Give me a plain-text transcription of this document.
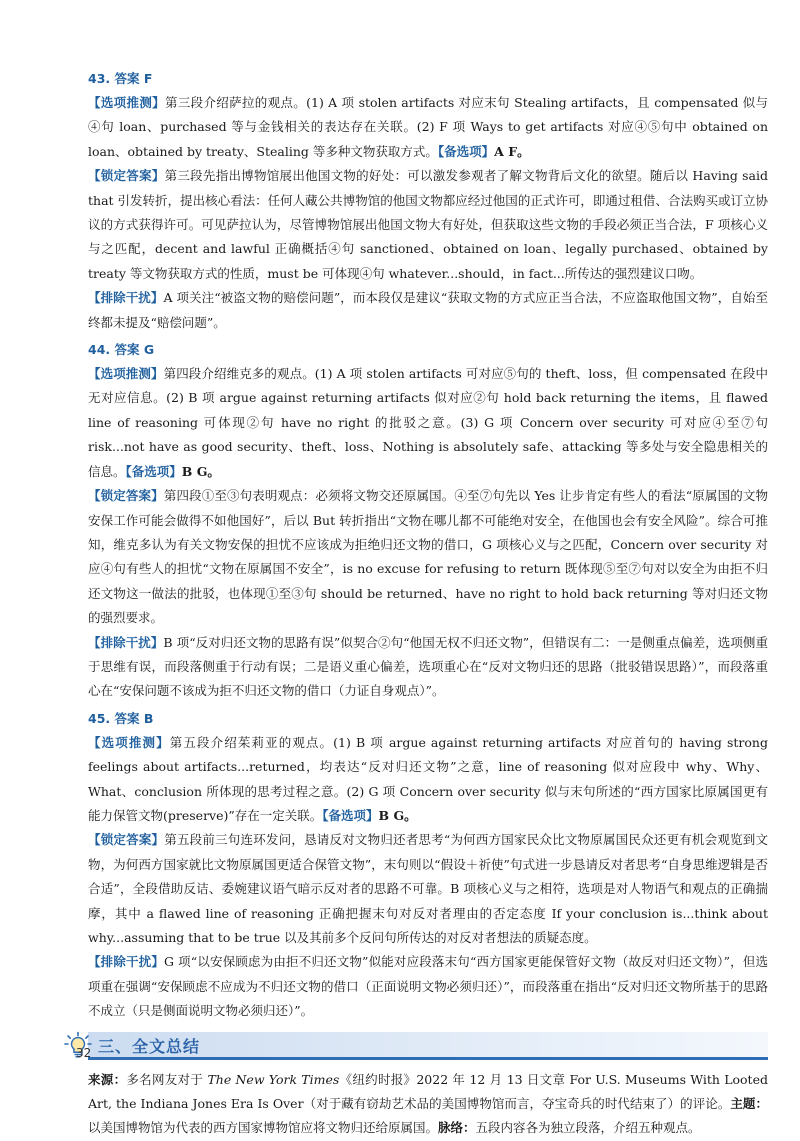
43. 答案 F
【选项推测】第三段介绍萨拉的观点。(1) A 项 stolen artifacts 对应末句 Stealing artifacts，且 compensated 似与④句 loan、purchased 等与金钱相关的表达存在关联。(2) F 项 Ways to get artifacts 对应④⑤句中 obtained on loan、obtained by treaty、Stealing 等多种文物获取方式。【备选项】A F。
【锁定答案】第三段先指出博物馆展出他国文物的好处：可以激发参观者了解文物背后文化的欲望。随后以 Having said that 引发转折，提出核心看法：任何人藏公共博物馆的他国文物都应经过他国的正式许可，即通过租借、合法购买或订立协议的方式获得许可。可见萨拉认为，尽管博物馆展出他国文物大有好处，但获取这些文物的手段必须正当合法，F 项核心义与之匹配，decent and lawful 正确概括④句 sanctioned、obtained on loan、legally purchased、obtained by treaty 等文物获取方式的性质，must be 可体现④句 whatever...should，in fact...所传达的强烈建议口吻。
【排除干扰】A 项关注“被盗文物的赔偿问题”，而本段仅是建议“获取文物的方式应正当合法，不应盗取他国文物”，自始至终都未提及“赔偿问题”。
44. 答案 G
【选项推测】第四段介绍维克多的观点。(1) A 项 stolen artifacts 可对应⑤句的 theft、loss，但 compensated 在段中无对应信息。(2) B 项 argue against returning artifacts 似对应②句 hold back returning the items，且 flawed line of reasoning 可体现②句 have no right 的批驳之意。(3) G 项 Concern over security 可对应④至⑦句 risk...not have as good security、theft、loss、Nothing is absolutely safe、attacking 等多处与安全隐患相关的信息。【备选项】B G。
【锁定答案】第四段①至③句表明观点：必须将文物交还原属国。④至⑦句先以 Yes 让步肯定有些人的看法“原属国的文物安保工作可能会做得不如他国好”，后以 But 转折指出“文物在哪儿都不可能绝对安全，在他国也会有安全风险”。综合可推知，维克多认为有关文物安保的担忧不应该成为拒绝归还文物的借口，G 项核心义与之匹配，Concern over security 对应④句有些人的担忧“文物在原属国不安全”，is no excuse for refusing to return 既体现⑤至⑦句对以安全为由拒不归还文物这一做法的批驳，也体现①至③句 should be returned、have no right to hold back returning 等对归还文物的强烈要求。
【排除干扰】B 项“反对归还文物的思路有误”似契合②句“他国无权不归还文物”，但错误有二：一是侧重点偏差，选项侧重于思维有误，而段落侧重于行动有误；二是语义重心偏差，选项重心在“反对文物归还的思路（批驳错误思路）”，而段落重心在“安保问题不该成为拒不归还文物的借口（力证自身观点）”。
45. 答案 B
【选项推测】第五段介绍茱莉亚的观点。(1) B 项 argue against returning artifacts 对应首句的 having strong feelings about artifacts...returned，均表达“反对归还文物”之意，line of reasoning 似对应段中 why、Why、What、conclusion 所体现的思考过程之意。(2) G 项 Concern over security 似与末句所述的“西方国家比原属国更有能力保管文物(preserve)”存在一定关联。【备选项】B G。
【锁定答案】第五段前三句连环发问，恳请反对文物归还者思考“为何西方国家民众比文物原属国民众还更有机会观览到文物，为何西方国家就比文物原属国更适合保管文物”，末句则以“假设＋祈使”句式进一步恳请反对者思考“自身思维逻辑是否合适”，全段借助反诘、委婉建议语气暗示反对者的思路不可靠。B 项核心义与之相符，选项是对人物语气和观点的正确揣摩，其中 a flawed line of reasoning 正确把握末句对反对者理由的否定态度 If your conclusion is...think about why...assuming that to be true 以及其前多个反问句所传达的对反对者想法的质疑态度。
【排除干扰】G 项“以安保顾虑为由拒不归还文物”似能对应段落末句“西方国家更能保管好文物（故反对归还文物）”，但选项重在强调“安保顾虑不应成为不归还文物的借口（正面说明文物必须归还）”，而段落重在指出“反对归还文物所基于的思路不成立（只是侧面说明文物必须归还）”。
三、全文总结
来源：多名网友对于 The New York Times《纽约时报》2022 年 12 月 13 日文章 For U.S. Museums With Looted Art, the Indiana Jones Era Is Over（对于藏有窃劫艺术品的美国博物馆而言，夺宝奇兵的时代结束了）的评论。主题：以美国博物馆为代表的西方国家博物馆应将文物归还给原属国。脉络：五段内容各为独立段落，介绍五种观点。
32
